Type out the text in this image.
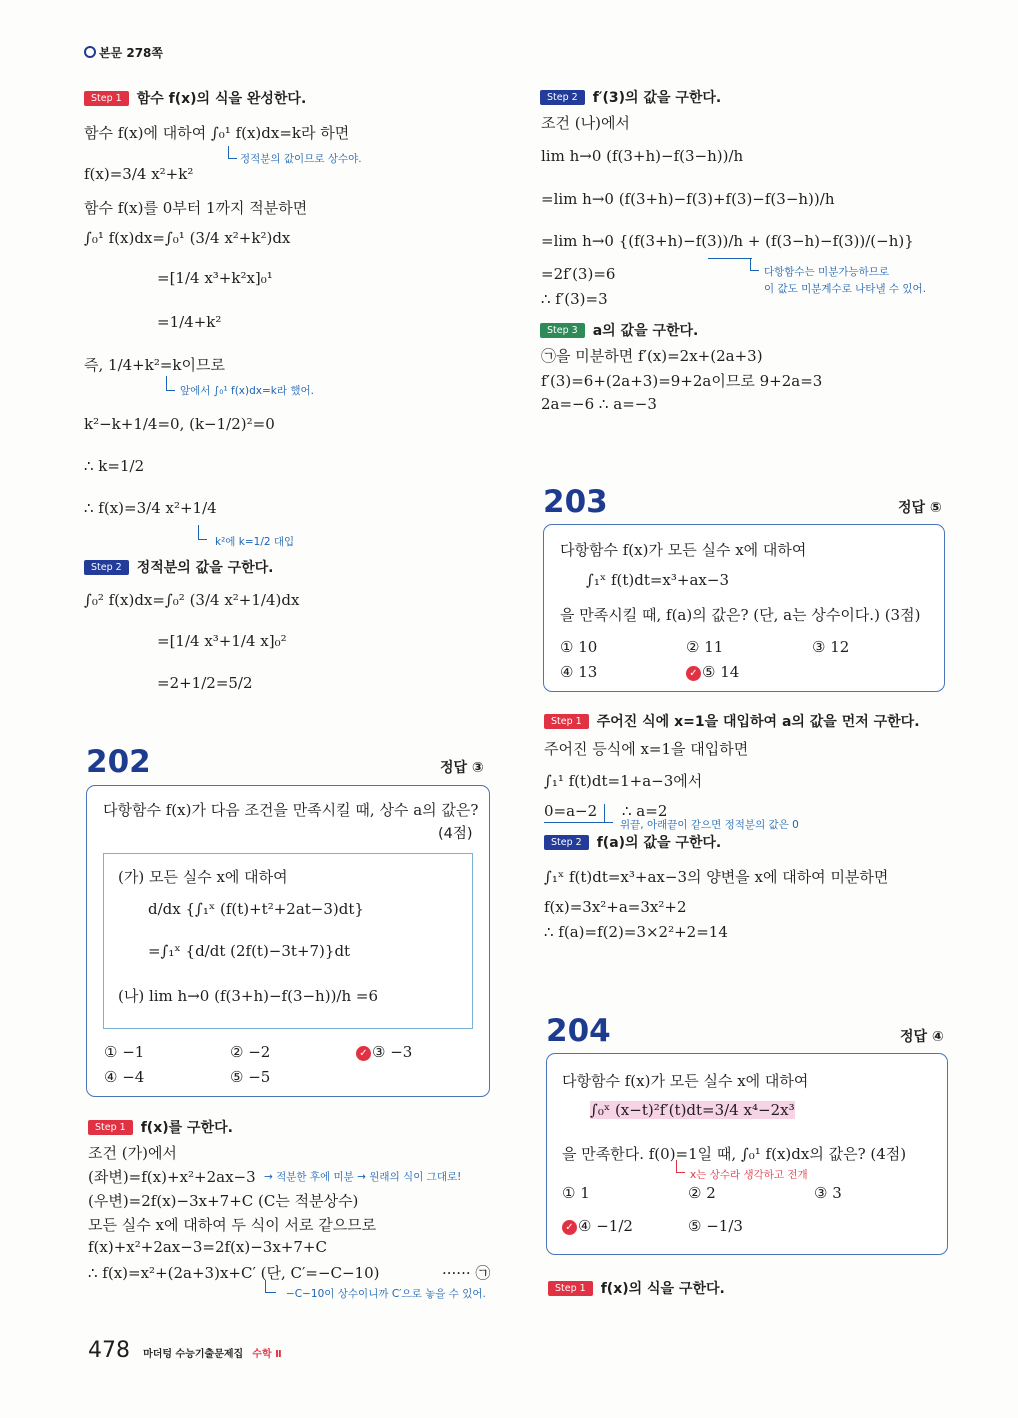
본문 278쪽
Step 1 함수 f(x)의 식을 완성한다.
함수 f(x)에 대하여 ∫₀¹ f(x)dx=k라 하면
정적분의 값이므로 상수야.
f(x)=3/4 x²+k²
함수 f(x)를 0부터 1까지 적분하면
∫₀¹ f(x)dx=∫₀¹ (3/4 x²+k²)dx
=[1/4 x³+k²x]₀¹
=1/4+k²
즉, 1/4+k²=k이므로
앞에서 ∫₀¹ f(x)dx=k라 했어.
k²−k+1/4=0, (k−1/2)²=0
∴ k=1/2
∴ f(x)=3/4 x²+1/4
k²에 k=1/2 대입
Step 2 정적분의 값을 구한다.
∫₀² f(x)dx=∫₀² (3/4 x²+1/4)dx
=[1/4 x³+1/4 x]₀²
=2+1/2=5/2
202	정답 ③
다항함수 f(x)가 다음 조건을 만족시킬 때, 상수 a의 값은?
(4점)
(가) 모든 실수 x에 대하여
d/dx {∫₁ˣ (f(t)+t²+2at−3)dt}
=∫₁ˣ {d/dt (2f(t)−3t+7)}dt
(나) lim h→0 (f(3+h)−f(3−h))/h =6
① −1	② −2	✓ ③ −3
④ −4	⑤ −5
Step 1 f(x)를 구한다.
조건 (가)에서
(좌변)=f(x)+x²+2ax−3 → 적분한 후에 미분 → 원래의 식이 그대로!
(우변)=2f(x)−3x+7+C (C는 적분상수)
모든 실수 x에 대하여 두 식이 서로 같으므로
f(x)+x²+2ax−3=2f(x)−3x+7+C
∴ f(x)=x²+(2a+3)x+C′ (단, C′=−C−10)	······ ㉠
−C−10이 상수이니까 C′으로 놓을 수 있어.
478 마더텅 수능기출문제집 수학 Ⅱ
Step 2 f′(3)의 값을 구한다.
조건 (나)에서
lim h→0 (f(3+h)−f(3−h))/h
=lim h→0 (f(3+h)−f(3)+f(3)−f(3−h))/h
=lim h→0 {(f(3+h)−f(3))/h + (f(3−h)−f(3))/(−h)}
=2f′(3)=6	다항함수는 미분가능하므로
이 값도 미분계수로 나타낼 수 있어.
∴ f′(3)=3
Step 3 a의 값을 구한다.
㉠을 미분하면 f′(x)=2x+(2a+3)
f′(3)=6+(2a+3)=9+2a이므로 9+2a=3
2a=−6 ∴ a=−3
203	정답 ⑤
다항함수 f(x)가 모든 실수 x에 대하여
∫₁ˣ f(t)dt=x³+ax−3
을 만족시킬 때, f(a)의 값은? (단, a는 상수이다.) (3점)
① 10	② 11	③ 12
④ 13	✓ ⑤ 14
Step 1 주어진 식에 x=1을 대입하여 a의 값을 먼저 구한다.
주어진 등식에 x=1을 대입하면
∫₁¹ f(t)dt=1+a−3에서
0=a−2 ∴ a=2
위끝, 아래끝이 같으면 정적분의 값은 0
Step 2 f(a)의 값을 구한다.
∫₁ˣ f(t)dt=x³+ax−3의 양변을 x에 대하여 미분하면
f(x)=3x²+a=3x²+2
∴ f(a)=f(2)=3×2²+2=14
204	정답 ④
다항함수 f(x)가 모든 실수 x에 대하여
∫₀ˣ (x−t)²f′(t)dt=3/4 x⁴−2x³
을 만족한다. f(0)=1일 때, ∫₀¹ f(x)dx의 값은? (4점)
x는 상수라 생각하고 전개
① 1	② 2	③ 3
✓ ④ −1/2	⑤ −1/3
Step 1 f(x)의 식을 구한다.
